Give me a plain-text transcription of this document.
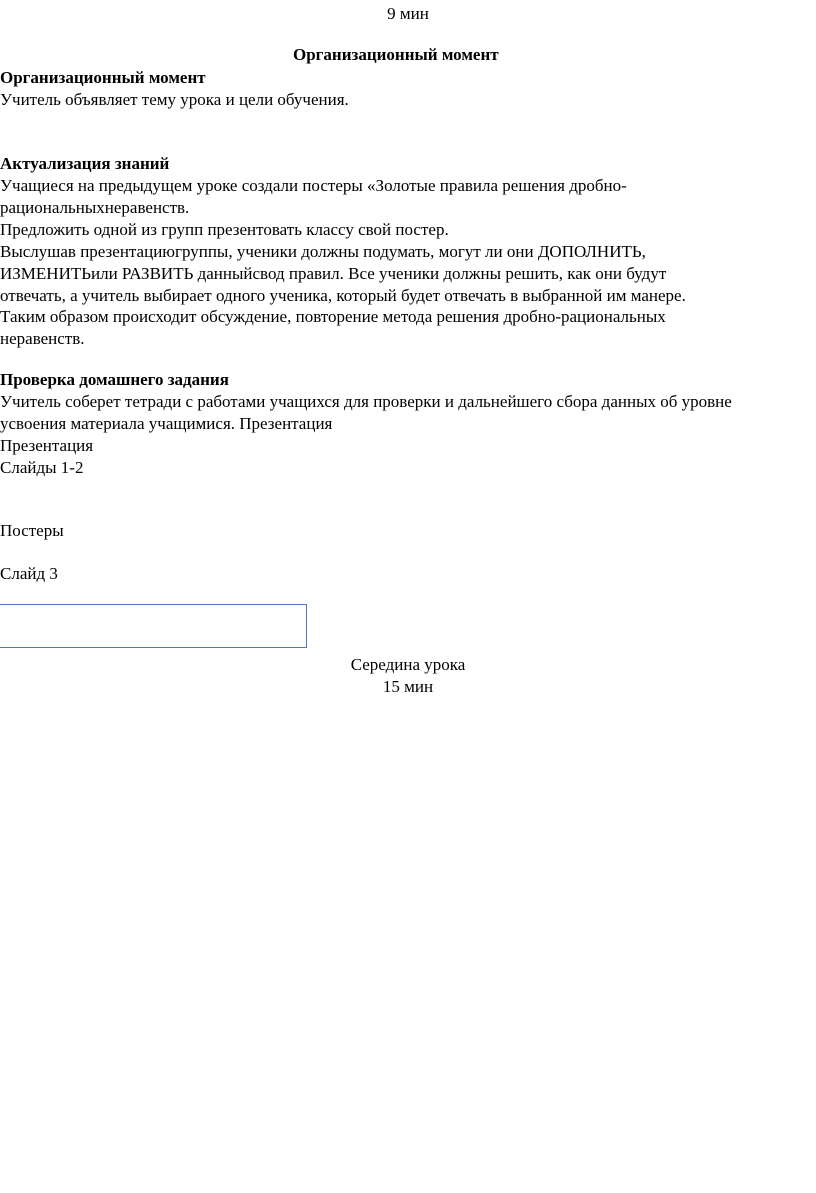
9 мин
Организационный момент
Организационный момент
Учитель объявляет тему урока и цели обучения.
Актуализация знаний
Учащиеся на предыдущем уроке создали постеры «Золотые правила решения дробно-
рациональныхнеравенств.
Предложить одной из групп презентовать классу свой постер.
Выслушав презентациюгруппы, ученики должны подумать, могут ли они ДОПОЛНИТЬ,
ИЗМЕНИТЬили РАЗВИТЬ данныйсвод правил. Все ученики должны решить, как они будут
отвечать, а учитель выбирает одного ученика, который будет отвечать в выбранной им манере.
Таким образом происходит обсуждение, повторение метода решения дробно-рациональных
неравенств.
Проверка домашнего задания
Учитель соберет тетради с работами учащихся для проверки и дальнейшего сбора данных об уровне
усвоения материала учащимися. Презентация
Презентация
Слайды 1-2
Постеры
Слайд 3
Середина урока
15 мин
